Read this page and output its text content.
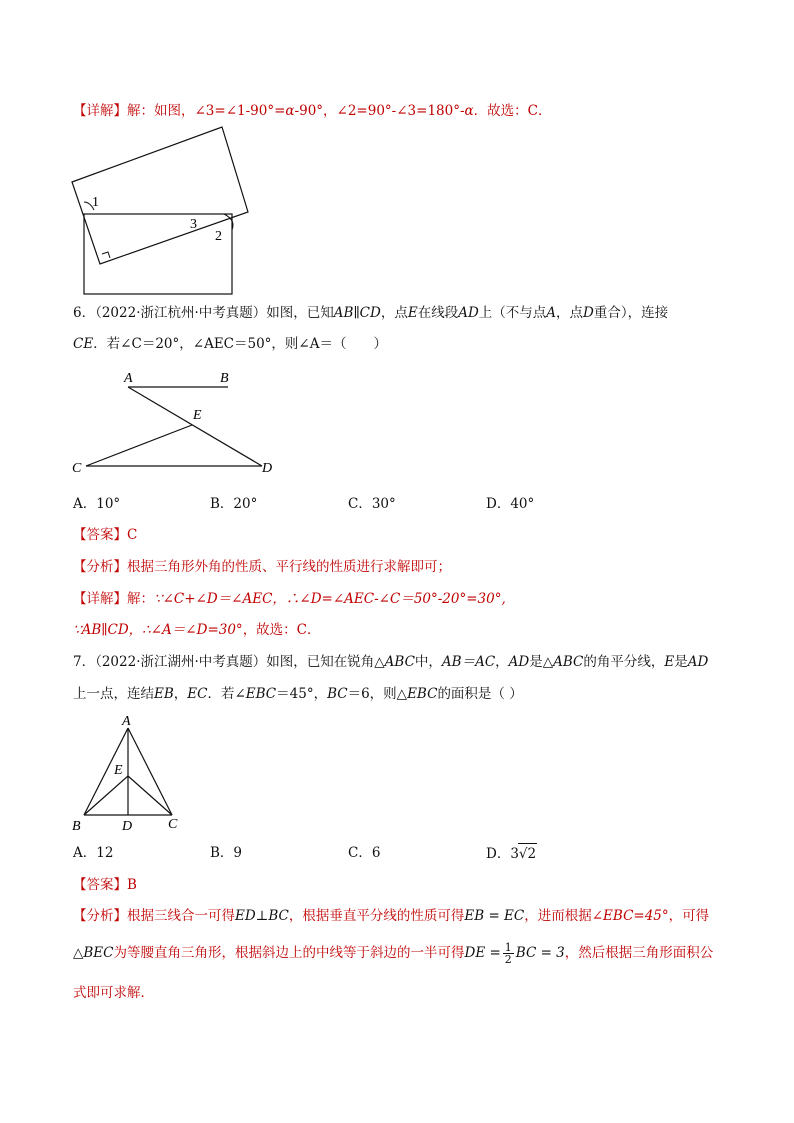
【详解】解：如图，∠3=∠1-90°=α-90°，∠2=90°-∠3=180°-α．故选：C．
1
3
2
6．（2022·浙江杭州·中考真题）如图，已知AB∥CD，点E在线段AD上（不与点A，点D重合），连接
CE．若∠C＝20°，∠AEC＝50°，则∠A＝（　　）
A	B
E
C	D
A．10°	B．20°	C．30°	D．40°
【答案】C
【分析】根据三角形外角的性质、平行线的性质进行求解即可；
【详解】解：∵∠C+∠D＝∠AEC，∴∠D=∠AEC-∠C＝50°-20°=30°,
∵AB∥CD，∴∠A＝∠D=30°，故选：C．
7．（2022·浙江湖州·中考真题）如图，已知在锐角△ABC中，AB＝AC，AD是△ABC的角平分线，E是AD
上一点，连结EB，EC．若∠EBC＝45°，BC＝6，则△EBC的面积是（ ）
A
E
B	D	C
A．12	B．9	C．6	D．3√2
【答案】B
【分析】根据三线合一可得ED⊥BC，根据垂直平分线的性质可得EB = EC，进而根据∠EBC=45°，可得
△BEC为等腰直角三角形，根据斜边上的中线等于斜边的一半可得DE = $\frac{1}{2}$ BC = 3，然后根据三角形面积公
式即可求解．
